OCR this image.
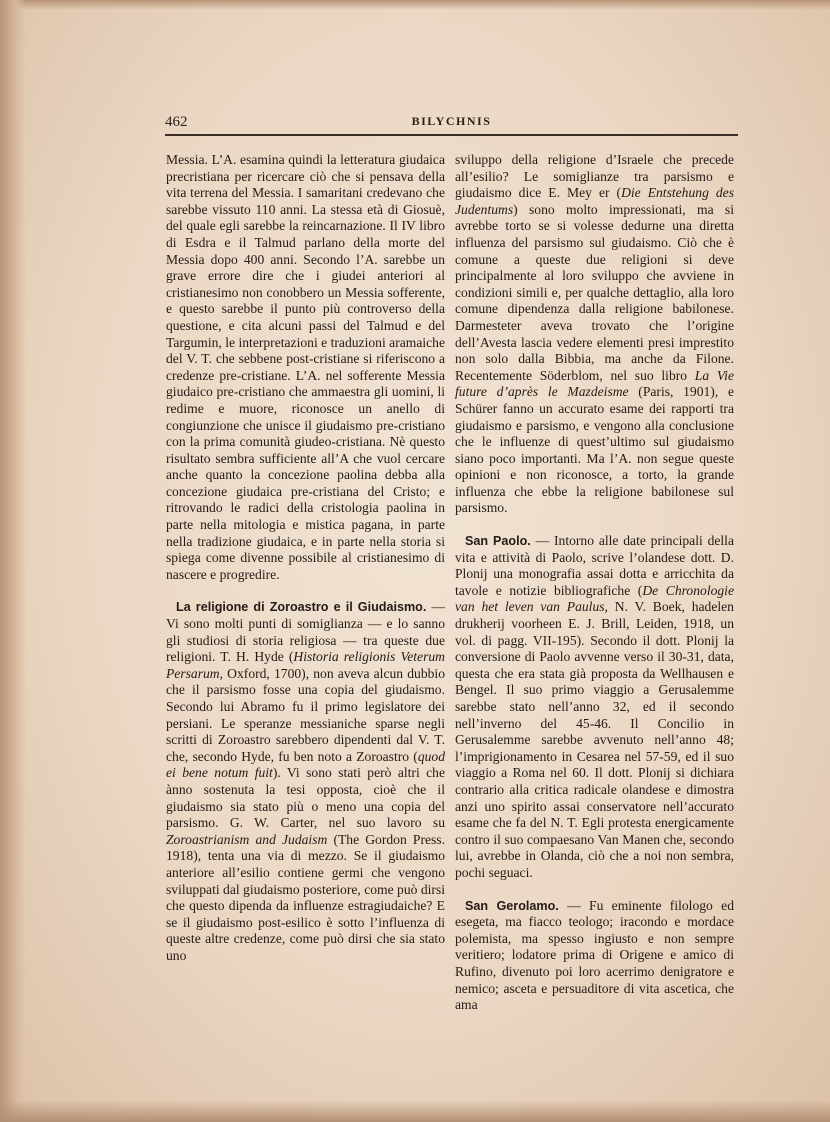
462	BILYCHNIS

Messia. L’A. esamina quindi la letteratura giudaica precristiana per ricercare ciò che si pensava della vita terrena del Messia. I samaritani credevano che sarebbe vissuto 110 anni. La stessa età di Giosuè, del quale egli sarebbe la reincarnazione. Il IV libro di Esdra e il Talmud parlano della morte del Messia dopo 400 anni. Secondo l’A. sarebbe un grave errore dire che i giudei anteriori al cristianesimo non conobbero un Messia sofferente, e questo sarebbe il punto più controverso della questione, e cita alcuni passi del Talmud e del Targumin, le interpretazioni e traduzioni aramaiche del V. T. che sebbene post-cristiane si riferiscono a credenze pre-cristiane. L’A. nel sofferente Messia giudaico pre-cristiano che ammaestra gli uomini, li redime e muore, riconosce un anello di congiunzione che unisce il giudaismo pre-cristiano con la prima comunità giudeo-cristiana. Nè questo risultato sembra sufficiente all’A che vuol cercare anche quanto la concezione paolina debba alla concezione giudaica pre-cristiana del Cristo; e ritrovando le radici della cristologia paolina in parte nella mitologia e mistica pagana, in parte nella tradizione giudaica, e in parte nella storia si spiega come divenne possibile al cristianesimo di nascere e progredire.

La religione di Zoroastro e il Giudaismo. — Vi sono molti punti di somiglianza — e lo sanno gli studiosi di storia religiosa — tra queste due religioni. T. H. Hyde (Historia religionis Veterum Persarum, Oxford, 1700), non aveva alcun dubbio che il parsismo fosse una copia del giudaismo. Secondo lui Abramo fu il primo legislatore dei persiani. Le speranze messianiche sparse negli scritti di Zoroastro sarebbero dipendenti dal V. T. che, secondo Hyde, fu ben noto a Zoroastro (quod ei bene notum fuit). Vi sono stati però altri che ànno sostenuta la tesi opposta, cioè che il giudaismo sia stato più o meno una copia del parsismo. G. W. Carter, nel suo lavoro su Zoroastrianism and Judaism (The Gordon Press. 1918), tenta una via di mezzo. Se il giudaismo anteriore all’esilio contiene germi che vengono sviluppati dal giudaismo posteriore, come può dirsi che questo dipenda da influenze estragiudaiche? E se il giudaismo post-esilico è sotto l’influenza di queste altre credenze, come può dirsi che sia stato uno

sviluppo della religione d’Israele che precede all’esilio? Le somiglianze tra parsismo e giudaismo dice E. Mey er (Die Entstehung des Judentums) sono molto impressionati, ma si avrebbe torto se si volesse dedurne una diretta influenza del parsismo sul giudaismo. Ciò che è comune a queste due religioni si deve principalmente al loro sviluppo che avviene in condizioni simili e, per qualche dettaglio, alla loro comune dipendenza dalla religione babilonese. Darmesteter aveva trovato che l’origine dell’Avesta lascia vedere elementi presi imprestito non solo dalla Bibbia, ma anche da Filone. Recentemente Söderblom, nel suo libro La Vie future d’après le Mazdeisme (Paris, 1901), e Schürer fanno un accurato esame dei rapporti tra giudaismo e parsismo, e vengono alla conclusione che le influenze di quest’ultimo sul giudaismo siano poco importanti. Ma l’A. non segue queste opinioni e non riconosce, a torto, la grande influenza che ebbe la religione babilonese sul parsismo.

San Paolo. — Intorno alle date principali della vita e attività di Paolo, scrive l’olandese dott. D. Plonij una monografia assai dotta e arricchita da tavole e notizie bibliografiche (De Chronologie van het leven van Paulus, N. V. Boek, hadelen drukherij voorheen E. J. Brill, Leiden, 1918, un vol. di pagg. VII-195). Secondo il dott. Plonij la conversione di Paolo avvenne verso il 30-31, data, questa che era stata già proposta da Wellhausen e Bengel. Il suo primo viaggio a Gerusalemme sarebbe stato nell’anno 32, ed il secondo nell’inverno del 45-46. Il Concilio in Gerusalemme sarebbe avvenuto nell’anno 48; l’imprigionamento in Cesarea nel 57-59, ed il suo viaggio a Roma nel 60. Il dott. Plonij si dichiara contrario alla critica radicale olandese e dimostra anzi uno spirito assai conservatore nell’accurato esame che fa del N. T. Egli protesta energicamente contro il suo compaesano Van Manen che, secondo lui, avrebbe in Olanda, ciò che a noi non sembra, pochi seguaci.

San Gerolamo. — Fu eminente filologo ed esegeta, ma fiacco teologo; iracondo e mordace polemista, ma spesso ingiusto e non sempre veritiero; lodatore prima di Origene e amico di Rufino, divenuto poi loro acerrimo denigratore e nemico; asceta e persuaditore di vita ascetica, che ama
